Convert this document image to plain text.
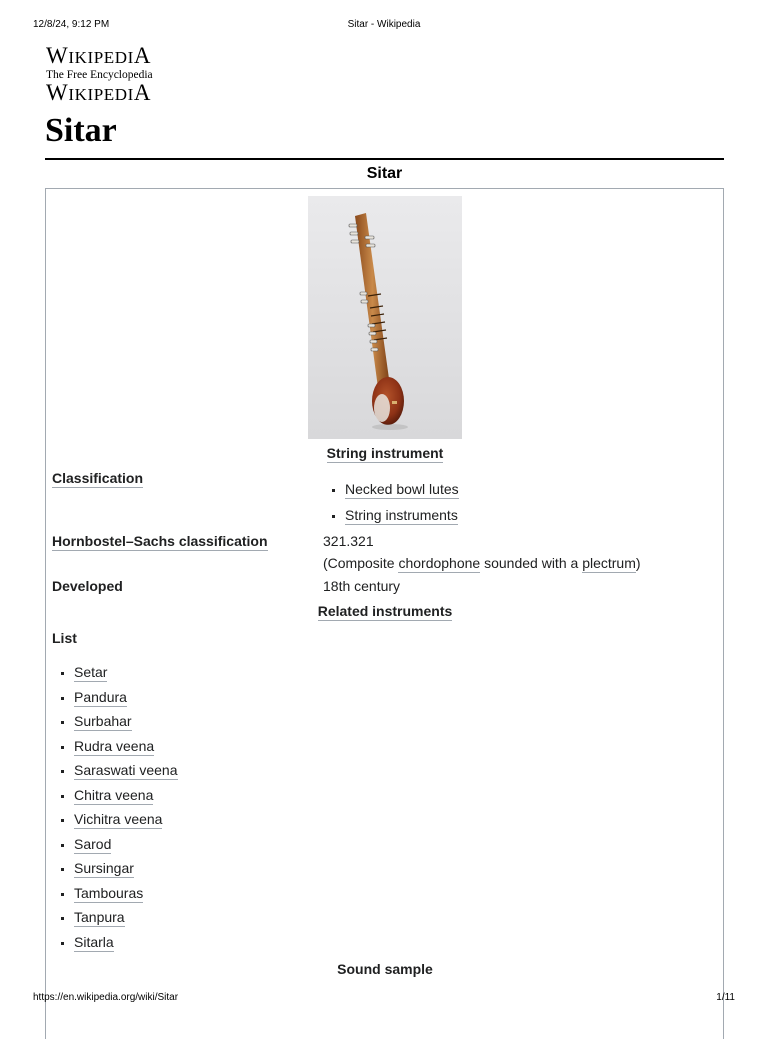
12/8/24, 9:12 PM	Sitar - Wikipedia
WIKIPEDIA
The Free Encyclopedia
WIKIPEDIA
Sitar
Sitar
String instrument
Classification
Necked bowl lutes
String instruments
Hornbostel–Sachs classification	321.321
(Composite chordophone sounded with a plectrum)
Developed	18th century
Related instruments
List
Setar
Pandura
Surbahar
Rudra veena
Saraswati veena
Chitra veena
Vichitra veena
Sarod
Sursingar
Tambouras
Tanpura
Sitarla
Sound sample
https://en.wikipedia.org/wiki/Sitar	1/11
